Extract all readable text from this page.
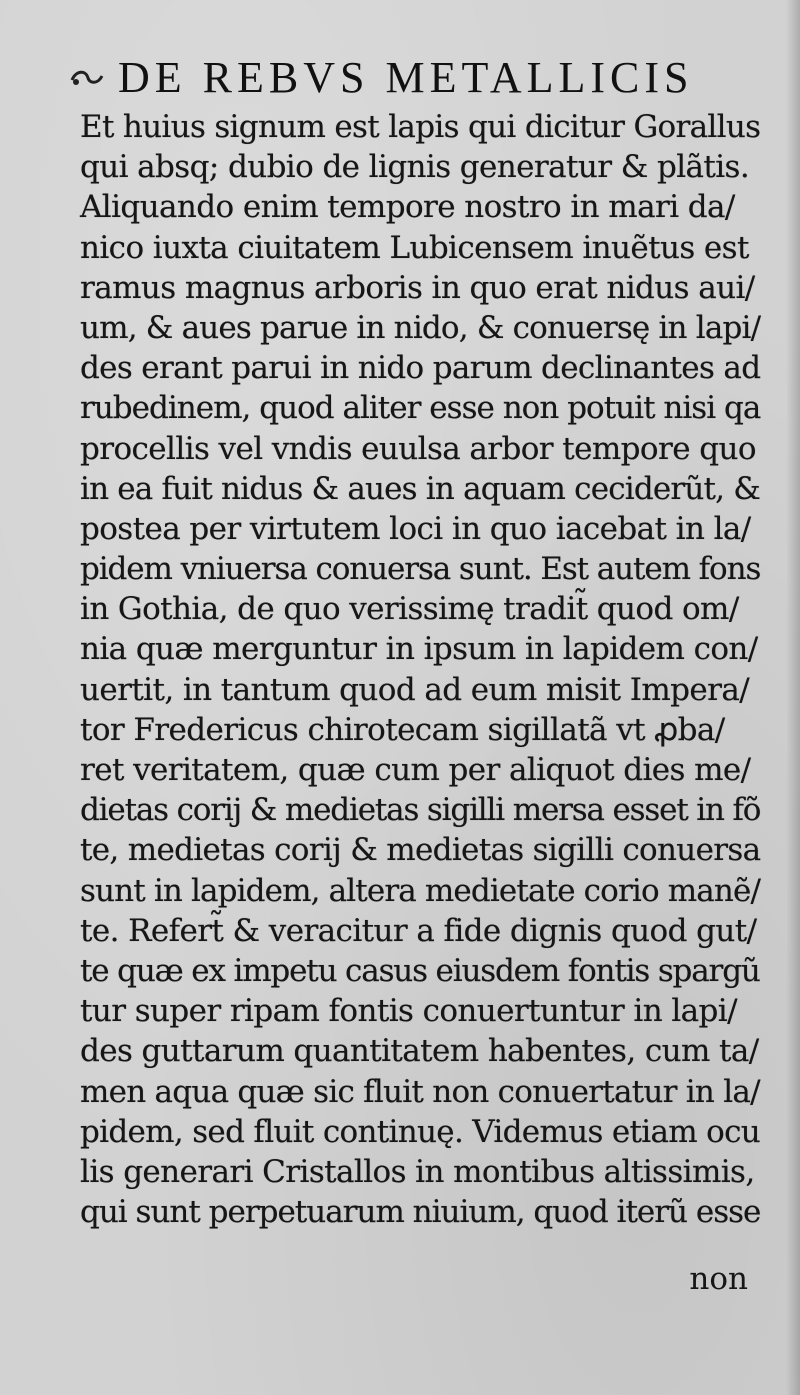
DE REBVS METALLICIS
Et huius signum est lapis qui dicitur Gorallus
qui absq; dubio de lignis generatur & plãtis.
Aliquando enim tempore nostro in mari da/
nico iuxta ciuitatem Lubicensem inuẽtus est
ramus magnus arboris in quo erat nidus aui/
um, & aues parue in nido, & conuersę in lapi/
des erant parui in nido parum declinantes ad
rubedinem, quod aliter esse non potuit nisi qa
procellis vel vndis euulsa arbor tempore quo
in ea fuit nidus & aues in aquam ceciderũt, &
postea per virtutem loci in quo iacebat in la/
pidem vniuersa conuersa sunt. Est autem fons
in Gothia, de quo verissimę tradit̃ quod om/
nia quæ merguntur in ipsum in lapidem con/
uertit, in tantum quod ad eum misit Impera/
tor Fredericus chirotecam sigillatã vt ꝓba/
ret veritatem, quæ cum per aliquot dies me/
dietas corij & medietas sigilli mersa esset in fõ
te, medietas corij & medietas sigilli conuersa
sunt in lapidem, altera medietate corio manẽ/
te. Refert̃ & veracitur a fide dignis quod gut/
te quæ ex impetu casus eiusdem fontis spargũ
tur super ripam fontis conuertuntur in lapi/
des guttarum quantitatem habentes, cum ta/
men aqua quæ sic fluit non conuertatur in la/
pidem, sed fluit continuę. Videmus etiam ocu
lis generari Cristallos in montibus altissimis,
qui sunt perpetuarum niuium, quod iterũ esse
non
